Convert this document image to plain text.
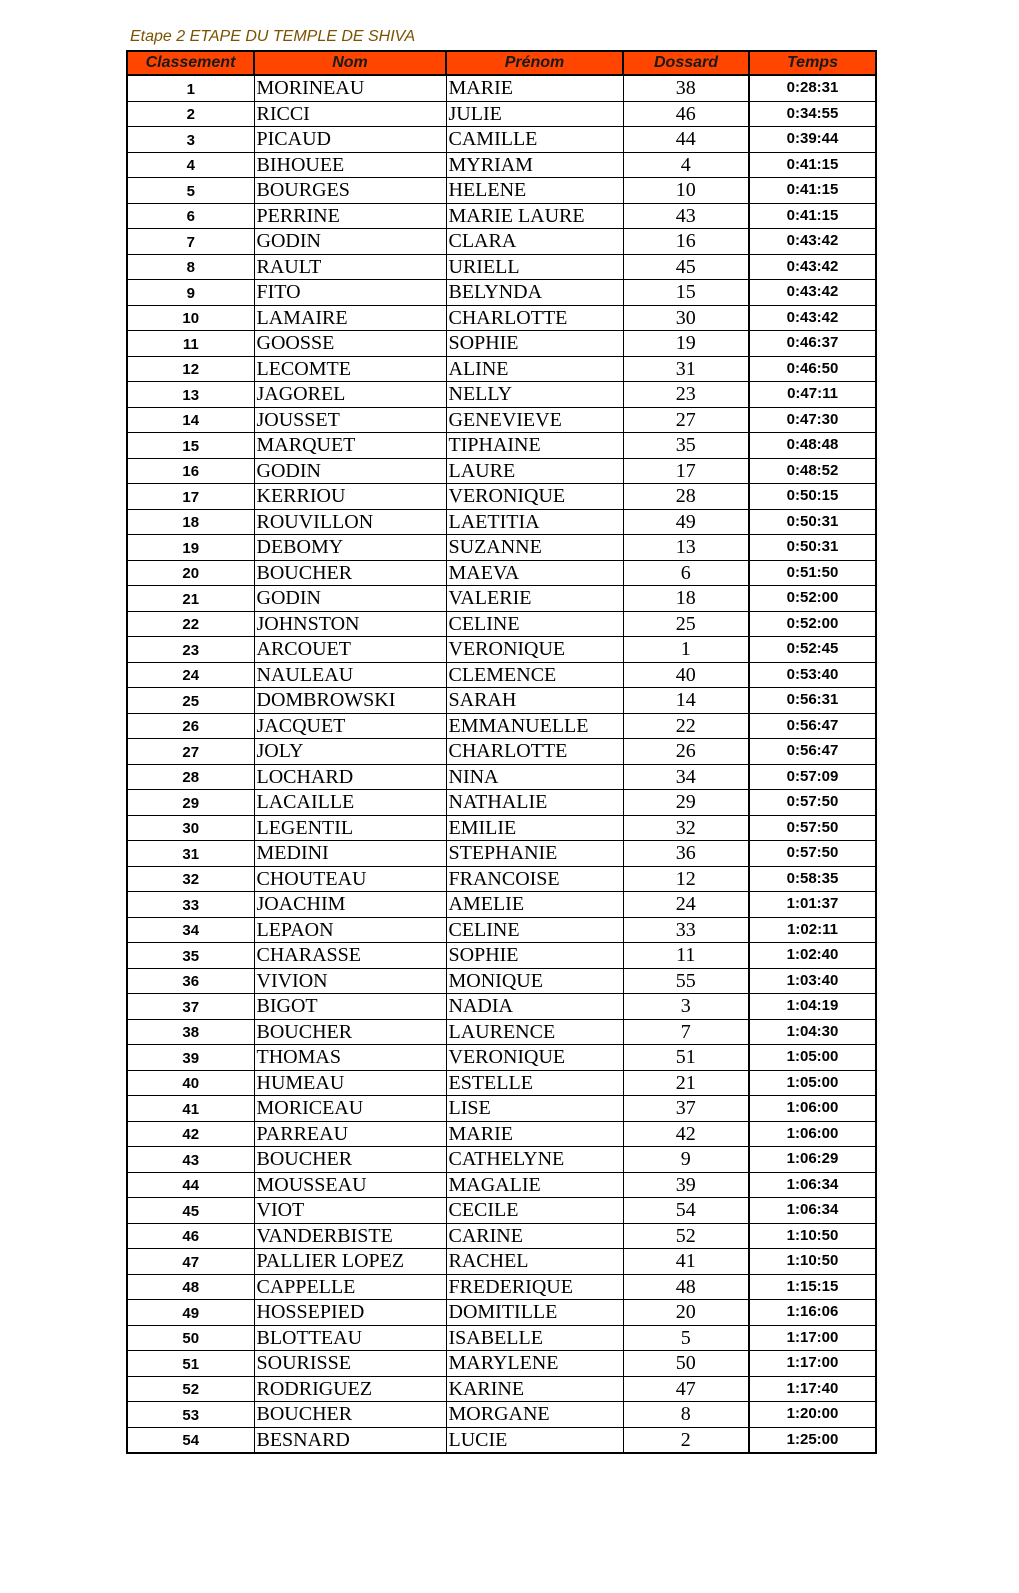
Etape 2 ETAPE DU TEMPLE DE SHIVA
Classement	Nom	Prénom	Dossard	Temps
1	MORINEAU	MARIE	38	0:28:31
2	RICCI	JULIE	46	0:34:55
3	PICAUD	CAMILLE	44	0:39:44
4	BIHOUEE	MYRIAM	4	0:41:15
5	BOURGES	HELENE	10	0:41:15
6	PERRINE	MARIE LAURE	43	0:41:15
7	GODIN	CLARA	16	0:43:42
8	RAULT	URIELL	45	0:43:42
9	FITO	BELYNDA	15	0:43:42
10	LAMAIRE	CHARLOTTE	30	0:43:42
11	GOOSSE	SOPHIE	19	0:46:37
12	LECOMTE	ALINE	31	0:46:50
13	JAGOREL	NELLY	23	0:47:11
14	JOUSSET	GENEVIEVE	27	0:47:30
15	MARQUET	TIPHAINE	35	0:48:48
16	GODIN	LAURE	17	0:48:52
17	KERRIOU	VERONIQUE	28	0:50:15
18	ROUVILLON	LAETITIA	49	0:50:31
19	DEBOMY	SUZANNE	13	0:50:31
20	BOUCHER	MAEVA	6	0:51:50
21	GODIN	VALERIE	18	0:52:00
22	JOHNSTON	CELINE	25	0:52:00
23	ARCOUET	VERONIQUE	1	0:52:45
24	NAULEAU	CLEMENCE	40	0:53:40
25	DOMBROWSKI	SARAH	14	0:56:31
26	JACQUET	EMMANUELLE	22	0:56:47
27	JOLY	CHARLOTTE	26	0:56:47
28	LOCHARD	NINA	34	0:57:09
29	LACAILLE	NATHALIE	29	0:57:50
30	LEGENTIL	EMILIE	32	0:57:50
31	MEDINI	STEPHANIE	36	0:57:50
32	CHOUTEAU	FRANCOISE	12	0:58:35
33	JOACHIM	AMELIE	24	1:01:37
34	LEPAON	CELINE	33	1:02:11
35	CHARASSE	SOPHIE	11	1:02:40
36	VIVION	MONIQUE	55	1:03:40
37	BIGOT	NADIA	3	1:04:19
38	BOUCHER	LAURENCE	7	1:04:30
39	THOMAS	VERONIQUE	51	1:05:00
40	HUMEAU	ESTELLE	21	1:05:00
41	MORICEAU	LISE	37	1:06:00
42	PARREAU	MARIE	42	1:06:00
43	BOUCHER	CATHELYNE	9	1:06:29
44	MOUSSEAU	MAGALIE	39	1:06:34
45	VIOT	CECILE	54	1:06:34
46	VANDERBISTE	CARINE	52	1:10:50
47	PALLIER LOPEZ	RACHEL	41	1:10:50
48	CAPPELLE	FREDERIQUE	48	1:15:15
49	HOSSEPIED	DOMITILLE	20	1:16:06
50	BLOTTEAU	ISABELLE	5	1:17:00
51	SOURISSE	MARYLENE	50	1:17:00
52	RODRIGUEZ	KARINE	47	1:17:40
53	BOUCHER	MORGANE	8	1:20:00
54	BESNARD	LUCIE	2	1:25:00
